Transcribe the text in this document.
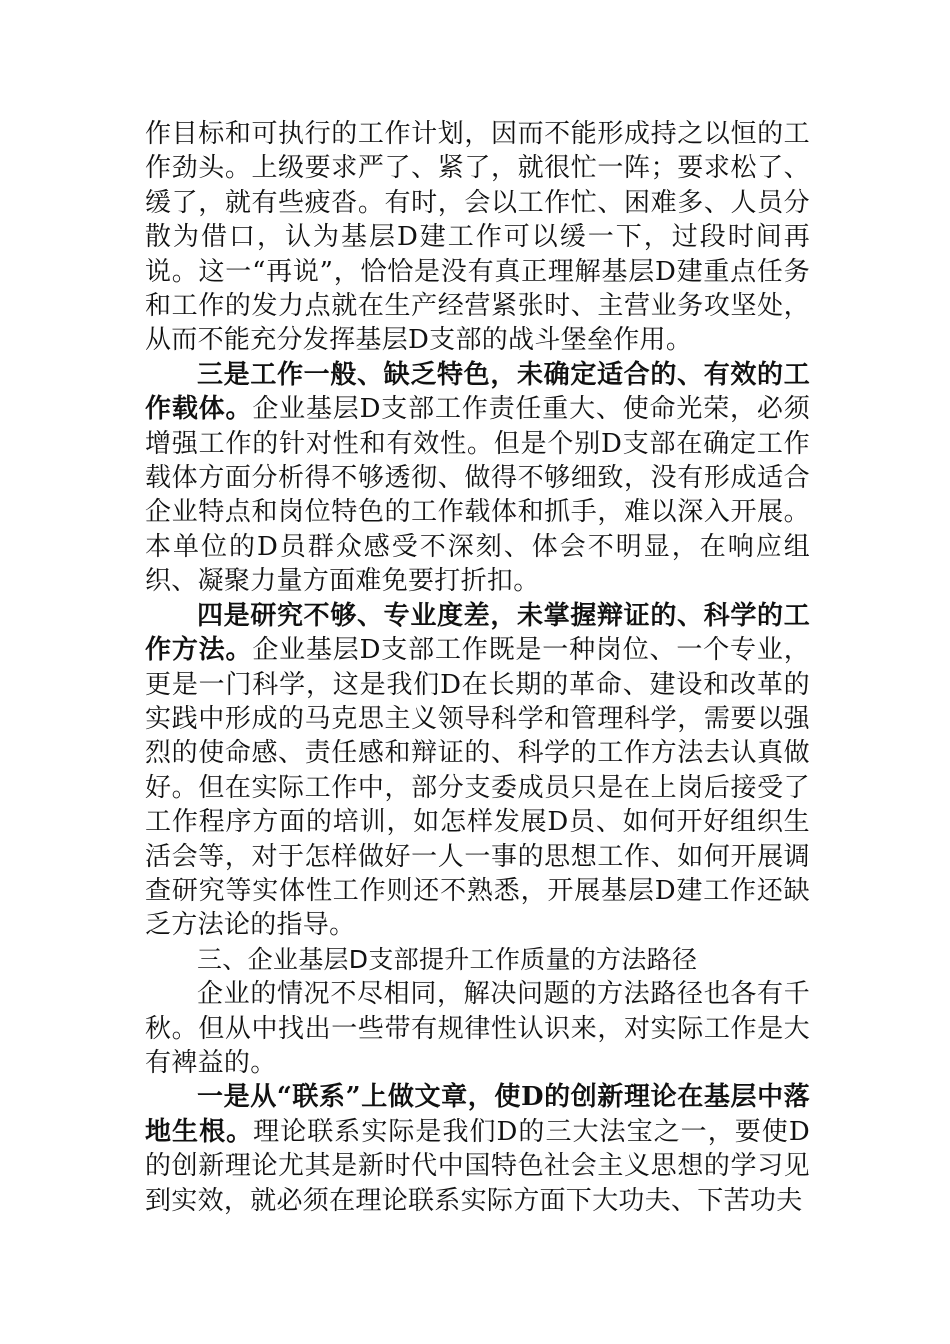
作目标和可执行的工作计划，因而不能形成持之以恒的工作劲头。上级要求严了、紧了，就很忙一阵；要求松了、缓了，就有些疲沓。有时，会以工作忙、困难多、人员分散为借口，认为基层D建工作可以缓一下，过段时间再说。这一“再说”，恰恰是没有真正理解基层D建重点任务和工作的发力点就在生产经营紧张时、主营业务攻坚处，从而不能充分发挥基层D支部的战斗堡垒作用。

三是工作一般、缺乏特色，未确定适合的、有效的工作载体。企业基层D支部工作责任重大、使命光荣，必须增强工作的针对性和有效性。但是个别D支部在确定工作载体方面分析得不够透彻、做得不够细致，没有形成适合企业特点和岗位特色的工作载体和抓手，难以深入开展。本单位的D员群众感受不深刻、体会不明显，在响应组织、凝聚力量方面难免要打折扣。

四是研究不够、专业度差，未掌握辩证的、科学的工作方法。企业基层D支部工作既是一种岗位、一个专业，更是一门科学，这是我们D在长期的革命、建设和改革的实践中形成的马克思主义领导科学和管理科学，需要以强烈的使命感、责任感和辩证的、科学的工作方法去认真做好。但在实际工作中，部分支委成员只是在上岗后接受了工作程序方面的培训，如怎样发展D员、如何开好组织生活会等，对于怎样做好一人一事的思想工作、如何开展调查研究等实体性工作则还不熟悉，开展基层D建工作还缺乏方法论的指导。

三、企业基层D支部提升工作质量的方法路径

企业的情况不尽相同，解决问题的方法路径也各有千秋。但从中找出一些带有规律性认识来，对实际工作是大有裨益的。

一是从“联系”上做文章，使D的创新理论在基层中落地生根。理论联系实际是我们D的三大法宝之一，要使D的创新理论尤其是新时代中国特色社会主义思想的学习见到实效，就必须在理论联系实际方面下大功夫、下苦功夫
